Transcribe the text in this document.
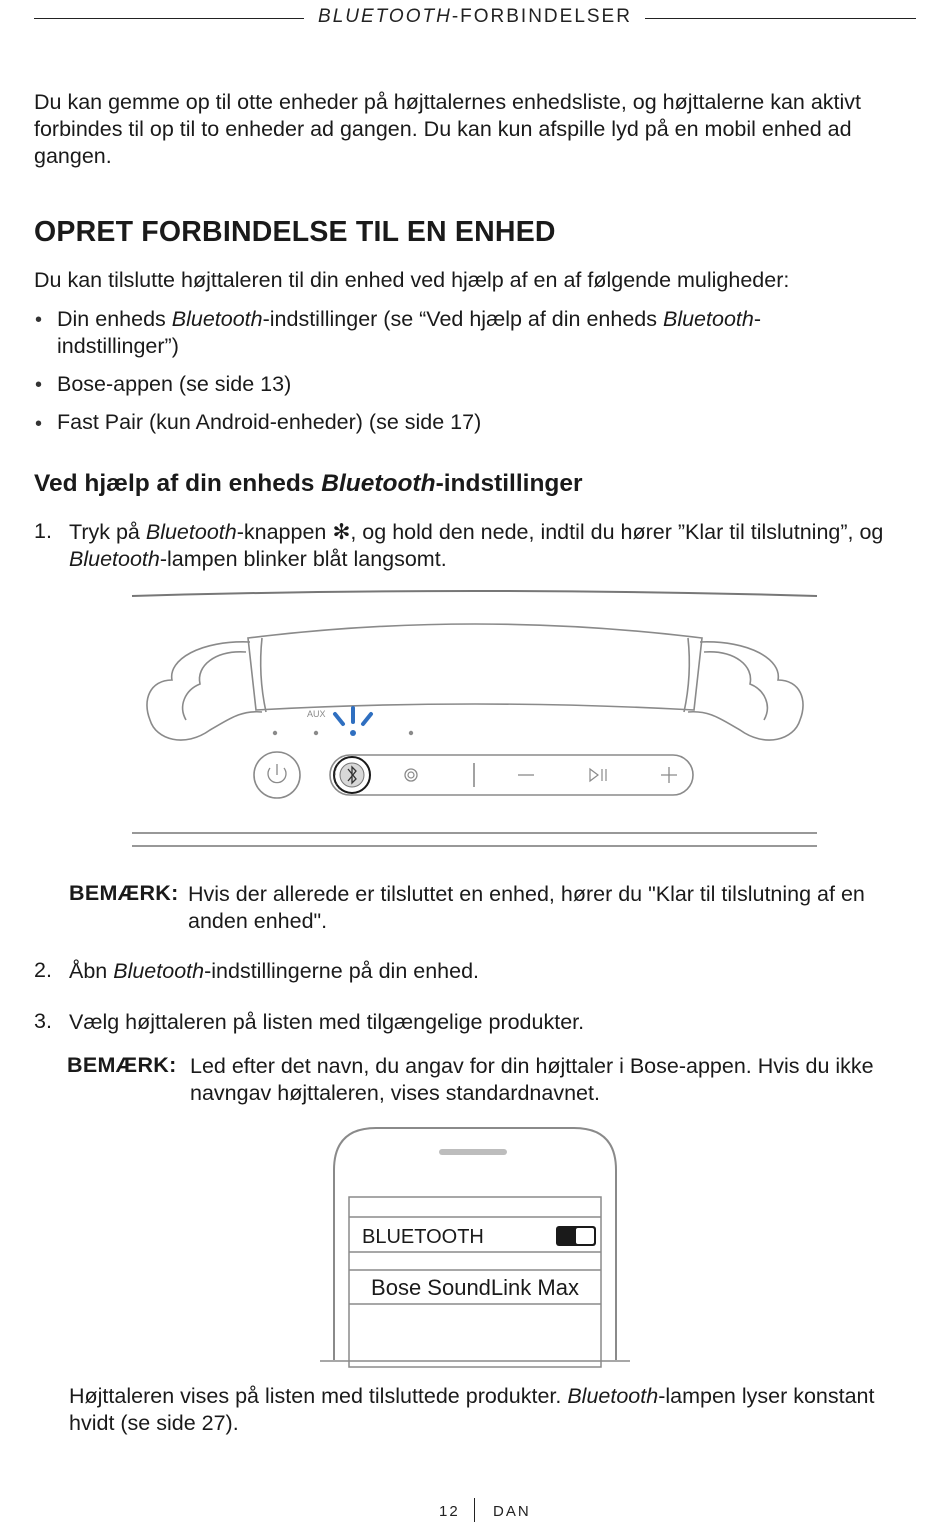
BLUETOOTH-FORBINDELSER
Du kan gemme op til otte enheder på højttalernes enhedsliste, og højttalerne kan aktivt forbindes til op til to enheder ad gangen. Du kan kun afspille lyd på en mobil enhed ad gangen.
OPRET FORBINDELSE TIL EN ENHED
Du kan tilslutte højttaleren til din enhed ved hjælp af en af følgende muligheder:
• Din enheds Bluetooth-indstillinger (se “Ved hjælp af din enheds Bluetooth-indstillinger”)
• Bose-appen (se side 13)
• Fast Pair (kun Android-enheder) (se side 17)
Ved hjælp af din enheds Bluetooth-indstillinger
1. Tryk på Bluetooth-knappen ✻, og hold den nede, indtil du hører ”Klar til tilslutning”, og Bluetooth-lampen blinker blåt langsomt.
AUX
BEMÆRK: Hvis der allerede er tilsluttet en enhed, hører du "Klar til tilslutning af en anden enhed".
2. Åbn Bluetooth-indstillingerne på din enhed.
3. Vælg højttaleren på listen med tilgængelige produkter.
BEMÆRK: Led efter det navn, du angav for din højttaler i Bose-appen. Hvis du ikke navngav højttaleren, vises standardnavnet.
BLUETOOTH
Bose SoundLink Max
Højttaleren vises på listen med tilsluttede produkter. Bluetooth-lampen lyser konstant hvidt (se side 27).
12 DAN
